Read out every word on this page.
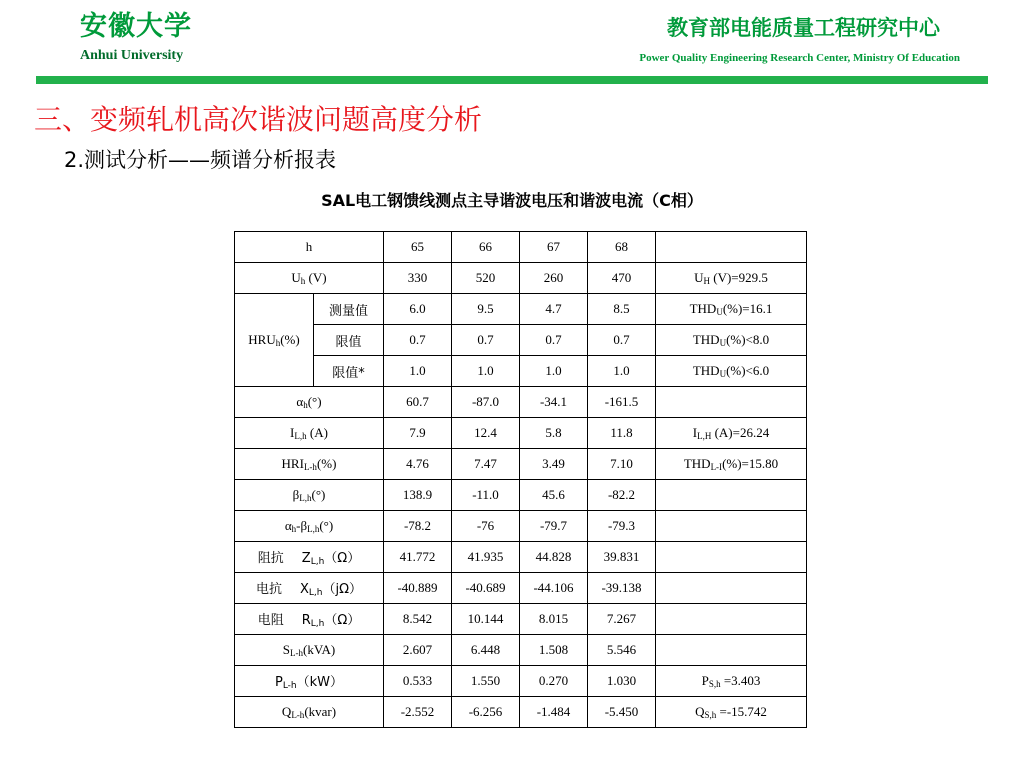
安徽大学
Anhui University
教育部电能质量工程研究中心
Power Quality Engineering Research Center, Ministry Of Education
三、变频轧机高次谐波问题高度分析
2.测试分析——频谱分析报表
SAL电工钢馈线测点主导谐波电压和谐波电流（C相）
h		65	66	67	68	
$U_h$ (V)		330	520	260	470	$U_H$ (V)=929.5
$HRU_h(\%)$	测量值	6.0	9.5	4.7	8.5	$THD_U(\%)=16.1$
	限值	0.7	0.7	0.7	0.7	$THD_U(\%)<8.0$
	限值*	1.0	1.0	1.0	1.0	$THD_U(\%)<6.0$
$\alpha_h(^\circ)$		60.7	-87.0	-34.1	-161.5	
$I_{L,h}$ (A)		7.9	12.4	5.8	11.8	$I_{L,H}$ (A)=26.24
$HRI_{L-h}(\%)$		4.76	7.47	3.49	7.10	$THD_{L-I}(\%)=15.80$
$\beta_{L,h}(^\circ)$		138.9	-11.0	45.6	-82.2	
$\alpha_h-\beta_{L,h}(^\circ)$		-78.2	-76	-79.7	-79.3	
阻抗 $Z_{L,h}(\Omega)$		41.772	41.935	44.828	39.831	
电抗 $X_{L,h}(j\Omega)$		-40.889	-40.689	-44.106	-39.138	
电阻 $R_{L,h}(\Omega)$		8.542	10.144	8.015	7.267	
$S_{L-h}(kVA)$		2.607	6.448	1.508	5.546	
$P_{L-h}(kW)$		0.533	1.550	0.270	1.030	$P_{S,h} =3.403$
$Q_{L-h}(kvar)$		-2.552	-6.256	-1.484	-5.450	$Q_{S,h} =-15.742$
